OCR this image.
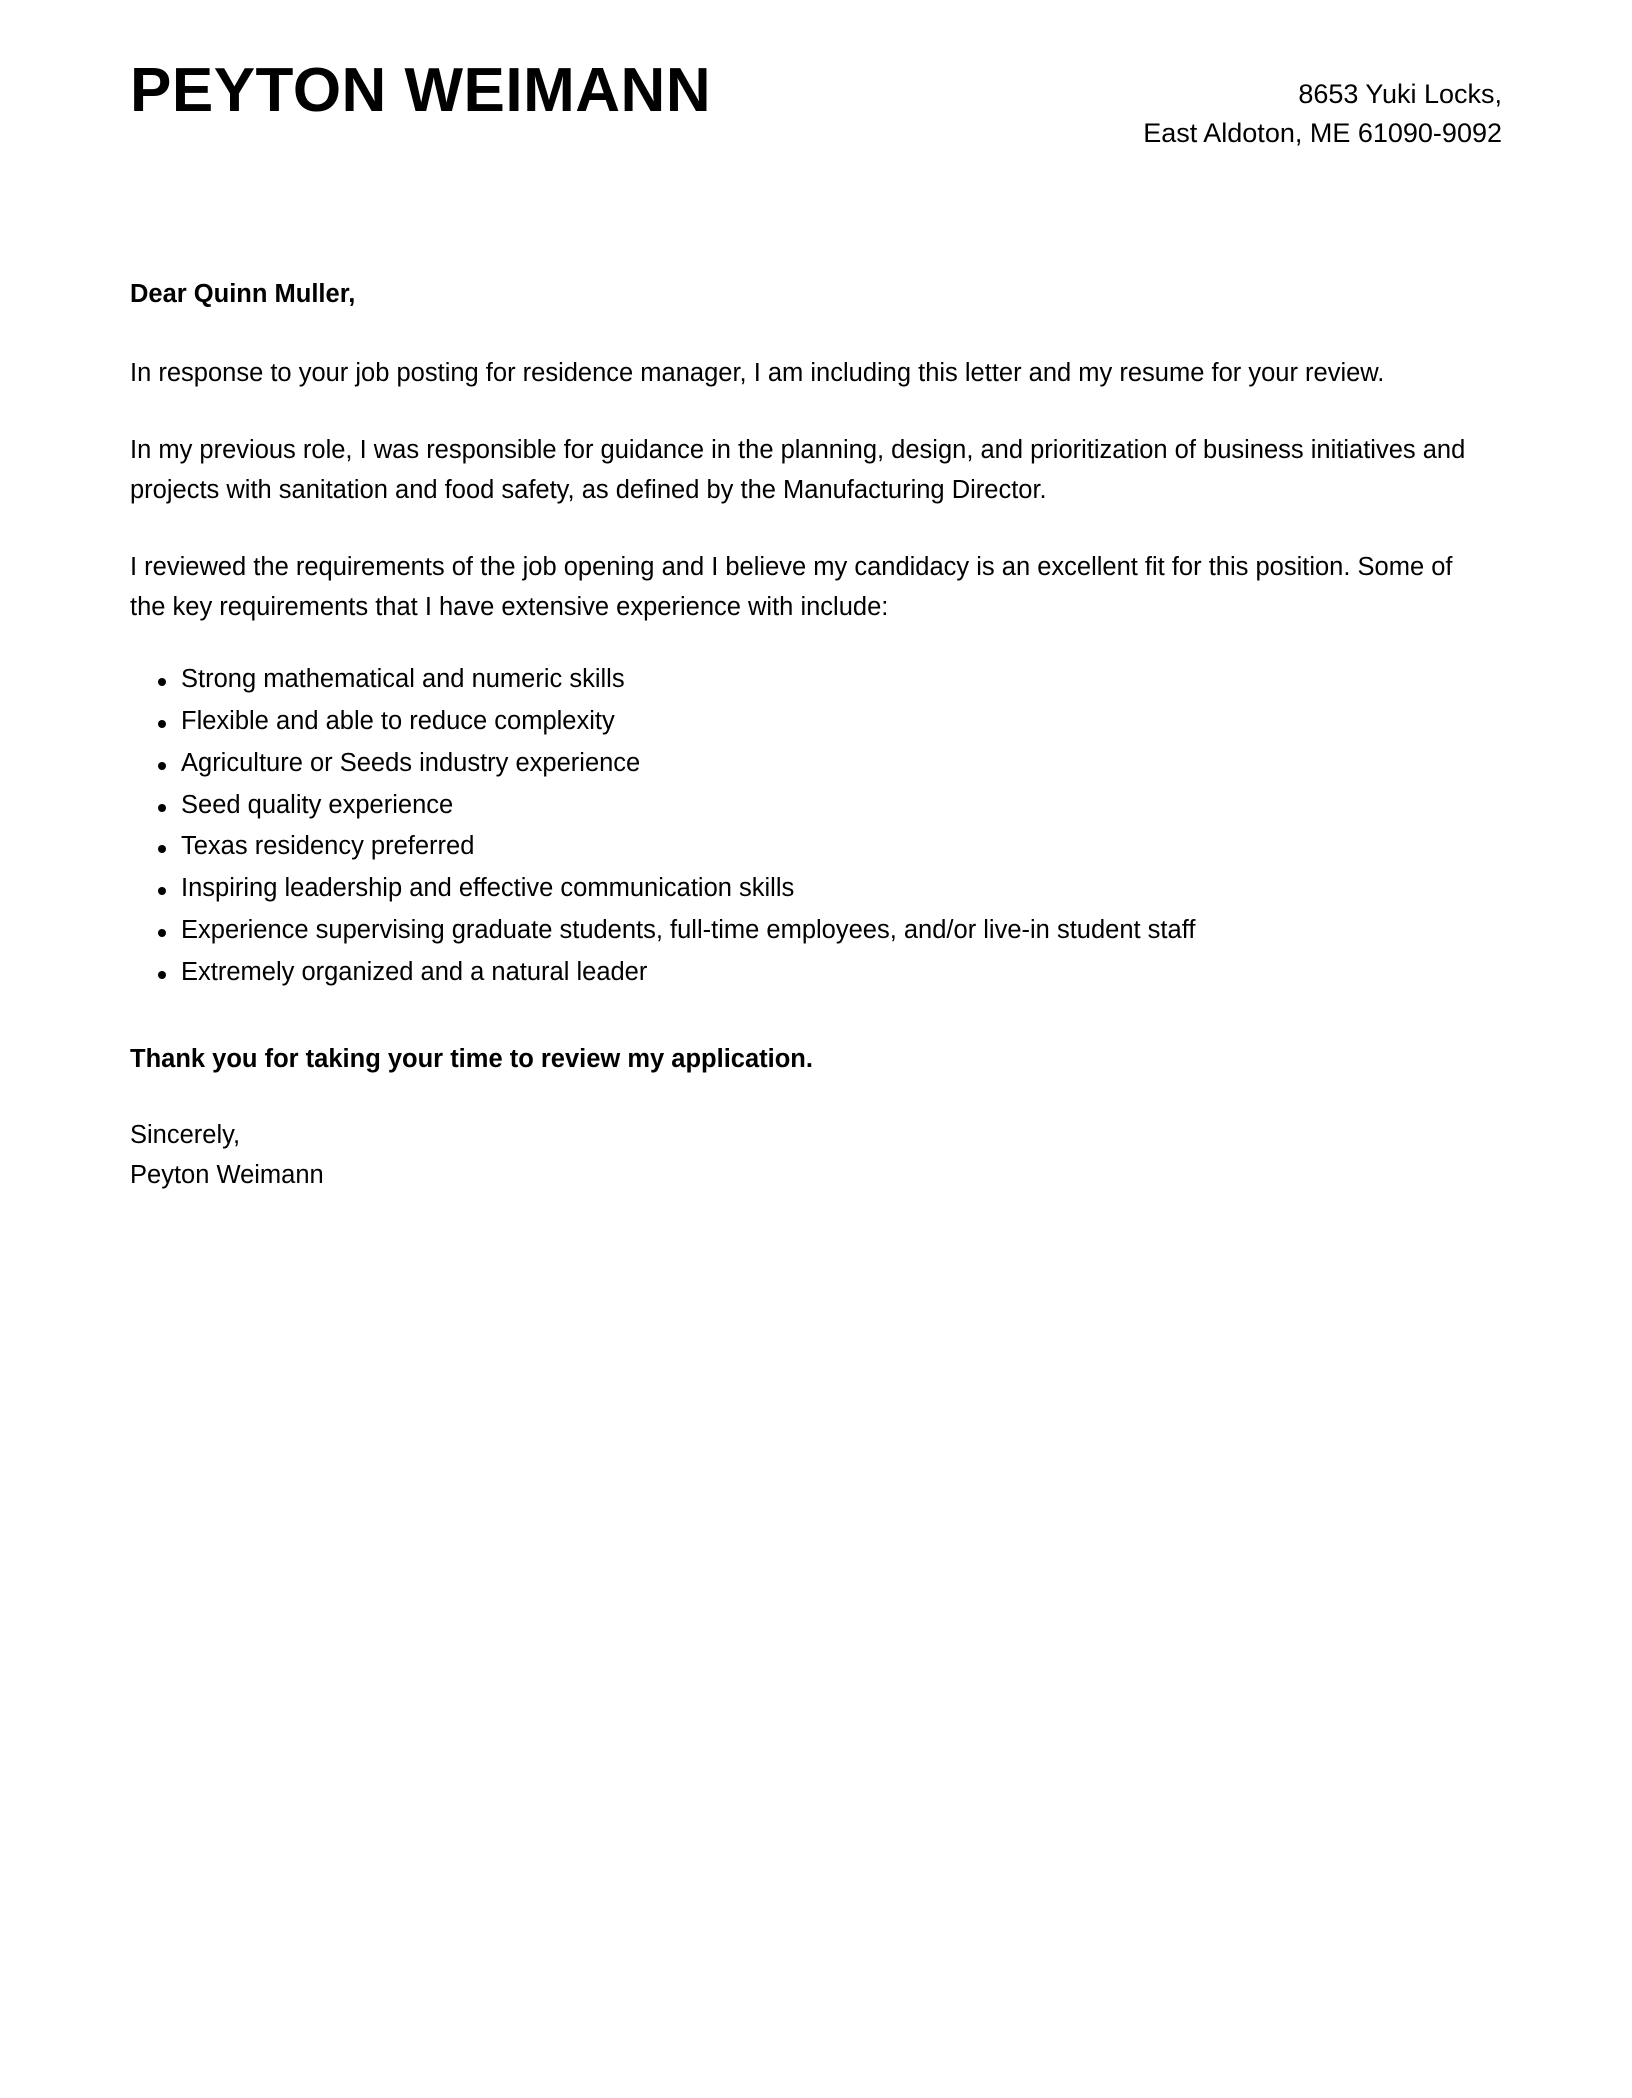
PEYTON WEIMANN	8653 Yuki Locks,
East Aldoton, ME 61090-9092
Dear Quinn Muller,

In response to your job posting for residence manager, I am including this letter and my resume for your review.

In my previous role, I was responsible for guidance in the planning, design, and prioritization of business initiatives and projects with sanitation and food safety, as defined by the Manufacturing Director.

I reviewed the requirements of the job opening and I believe my candidacy is an excellent fit for this position. Some of the key requirements that I have extensive experience with include:

Strong mathematical and numeric skills
Flexible and able to reduce complexity
Agriculture or Seeds industry experience
Seed quality experience
Texas residency preferred
Inspiring leadership and effective communication skills
Experience supervising graduate students, full-time employees, and/or live-in student staff
Extremely organized and a natural leader
Thank you for taking your time to review my application.
Sincerely,
Peyton Weimann
